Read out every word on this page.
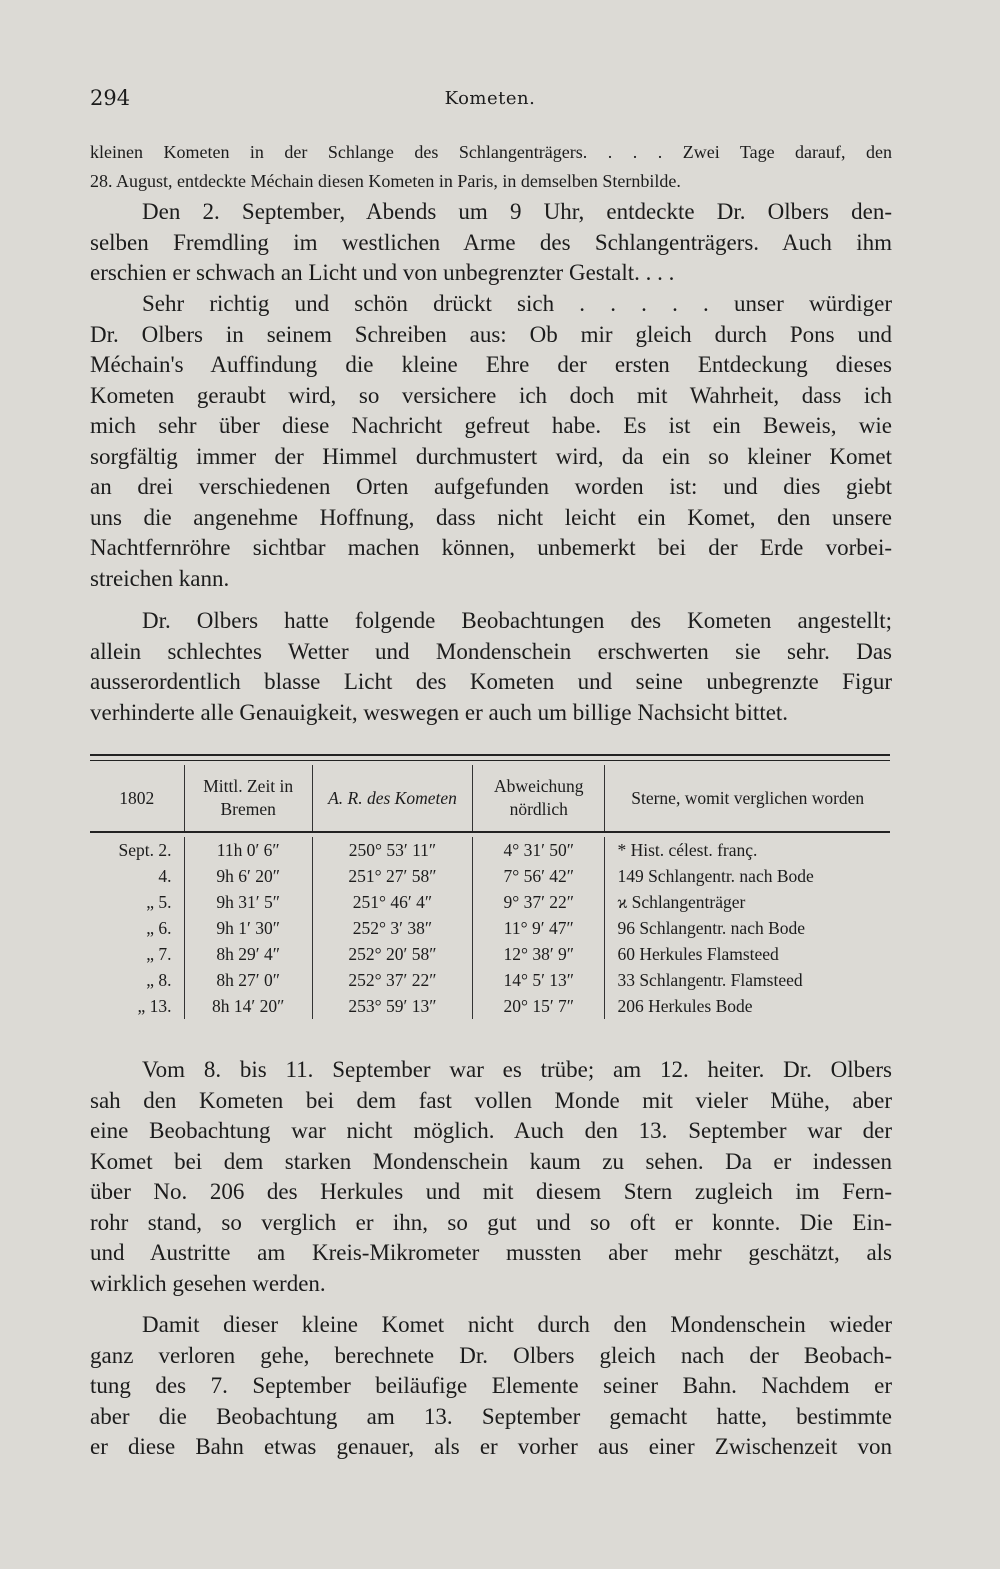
294	Kometen.

kleinen Kometen in der Schlange des Schlangenträgers. . . . Zwei Tage darauf, den

28. August, entdeckte Méchain diesen Kometen in Paris, in demselben Sternbilde.

Den 2. September, Abends um 9 Uhr, entdeckte Dr. Olbers den-

selben Fremdling im westlichen Arme des Schlangenträgers. Auch ihm

erschien er schwach an Licht und von unbegrenzter Gestalt. . . .

Sehr richtig und schön drückt sich . . . . . unser würdiger

Dr. Olbers in seinem Schreiben aus: Ob mir gleich durch Pons und

Méchain's Auffindung die kleine Ehre der ersten Entdeckung dieses

Kometen geraubt wird, so versichere ich doch mit Wahrheit, dass ich

mich sehr über diese Nachricht gefreut habe. Es ist ein Beweis, wie

sorgfältig immer der Himmel durchmustert wird, da ein so kleiner Komet

an drei verschiedenen Orten aufgefunden worden ist: und dies giebt

uns die angenehme Hoffnung, dass nicht leicht ein Komet, den unsere

Nachtfernröhre sichtbar machen können, unbemerkt bei der Erde vorbei-

streichen kann.

Dr. Olbers hatte folgende Beobachtungen des Kometen angestellt;

allein schlechtes Wetter und Mondenschein erschwerten sie sehr. Das

ausserordentlich blasse Licht des Kometen und seine unbegrenzte Figur

verhinderte alle Genauigkeit, weswegen er auch um billige Nachsicht bittet.

1802
Mittl. Zeit in Bremen
A. R. des Kometen
Abweichung nördlich
Sterne, womit verglichen worden
Sept. 2.
4.
„ 5.
„ 6.
„ 7.
„ 8.
„ 13.
11h 0′ 6″
9h 6′ 20″
9h 31′ 5″
9h 1′ 30″
8h 29′ 4″
8h 27′ 0″
8h 14′ 20″
250° 53′ 11″
251° 27′ 58″
251° 46′ 4″
252° 3′ 38″
252° 20′ 58″
252° 37′ 22″
253° 59′ 13″
4° 31′ 50″
7° 56′ 42″
9° 37′ 22″
11° 9′ 47″
12° 38′ 9″
14° 5′ 13″
20° 15′ 7″
* Hist. célest. franç.
149 Schlangentr. nach Bode
ϰ Schlangenträger
96 Schlangentr. nach Bode
60 Herkules Flamsteed
33 Schlangentr. Flamsteed
206 Herkules Bode

Vom 8. bis 11. September war es trübe; am 12. heiter. Dr. Olbers

sah den Kometen bei dem fast vollen Monde mit vieler Mühe, aber

eine Beobachtung war nicht möglich. Auch den 13. September war der

Komet bei dem starken Mondenschein kaum zu sehen. Da er indessen

über No. 206 des Herkules und mit diesem Stern zugleich im Fern-

rohr stand, so verglich er ihn, so gut und so oft er konnte. Die Ein-

und Austritte am Kreis-Mikrometer mussten aber mehr geschätzt, als

wirklich gesehen werden.

Damit dieser kleine Komet nicht durch den Mondenschein wieder

ganz verloren gehe, berechnete Dr. Olbers gleich nach der Beobach-

tung des 7. September beiläufige Elemente seiner Bahn. Nachdem er

aber die Beobachtung am 13. September gemacht hatte, bestimmte

er diese Bahn etwas genauer, als er vorher aus einer Zwischenzeit von
